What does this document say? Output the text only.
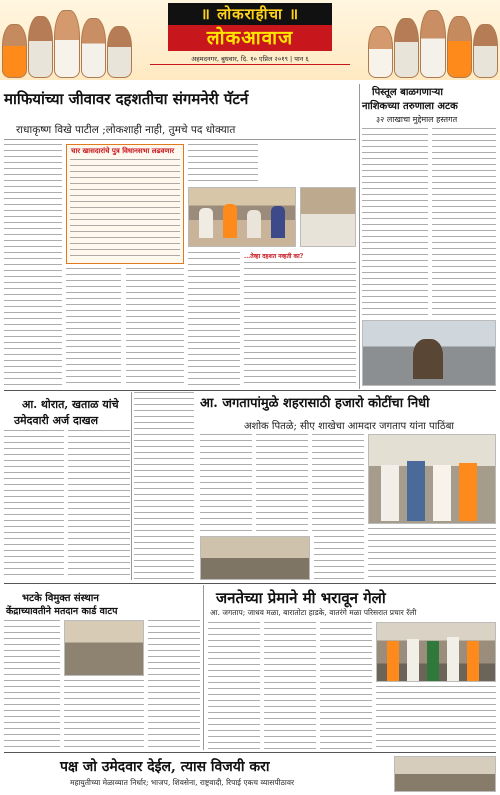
॥ लोकराहीचा ॥
लोकआवाज
अहमदनगर, बुधवार, दि. १० एप्रिल २०१९ | पान ६
माफियांच्या जीवावर दहशतीचा संगमनेरी पॅटर्न
राधाकृष्ण विखे पाटील ;लोकशाही नाही, तुमचे पद धोक्यात
चार खासदारांचे पुत्र विधानसभा लढवणार
...तेव्हा दहशत नव्हती का?
पिस्तूल बाळगणाऱ्या
नाशिकच्या तरुणाला अटक
३२ लाखाचा मुद्देमाल हस्तगत
आ. थोरात, खताळ यांचे
उमेदवारी अर्ज दाखल
आ. जगतापांमुळे शहरासाठी हजारो कोटींचा निधी
अशोक पितळे; सीए शाखेचा आमदार जगताप यांना पाठिंबा
भटके विमुक्त संस्थान
केंद्राच्यावतीने मतदान कार्ड वाटप
जनतेच्या प्रेमाने मी भरावून गेलो
आ. जगताप; जाधव मळा, बारातोटा हाडके, वातरंगे मळा परिसरात प्रचार रॅली
पक्ष जो उमेदवार देईल, त्यास विजयी करा
महायुतीच्या मेळाव्यात निर्धार; भाजप, शिवसेना, राष्ट्रवादी, रिपाई एकच व्यासपीठावर
